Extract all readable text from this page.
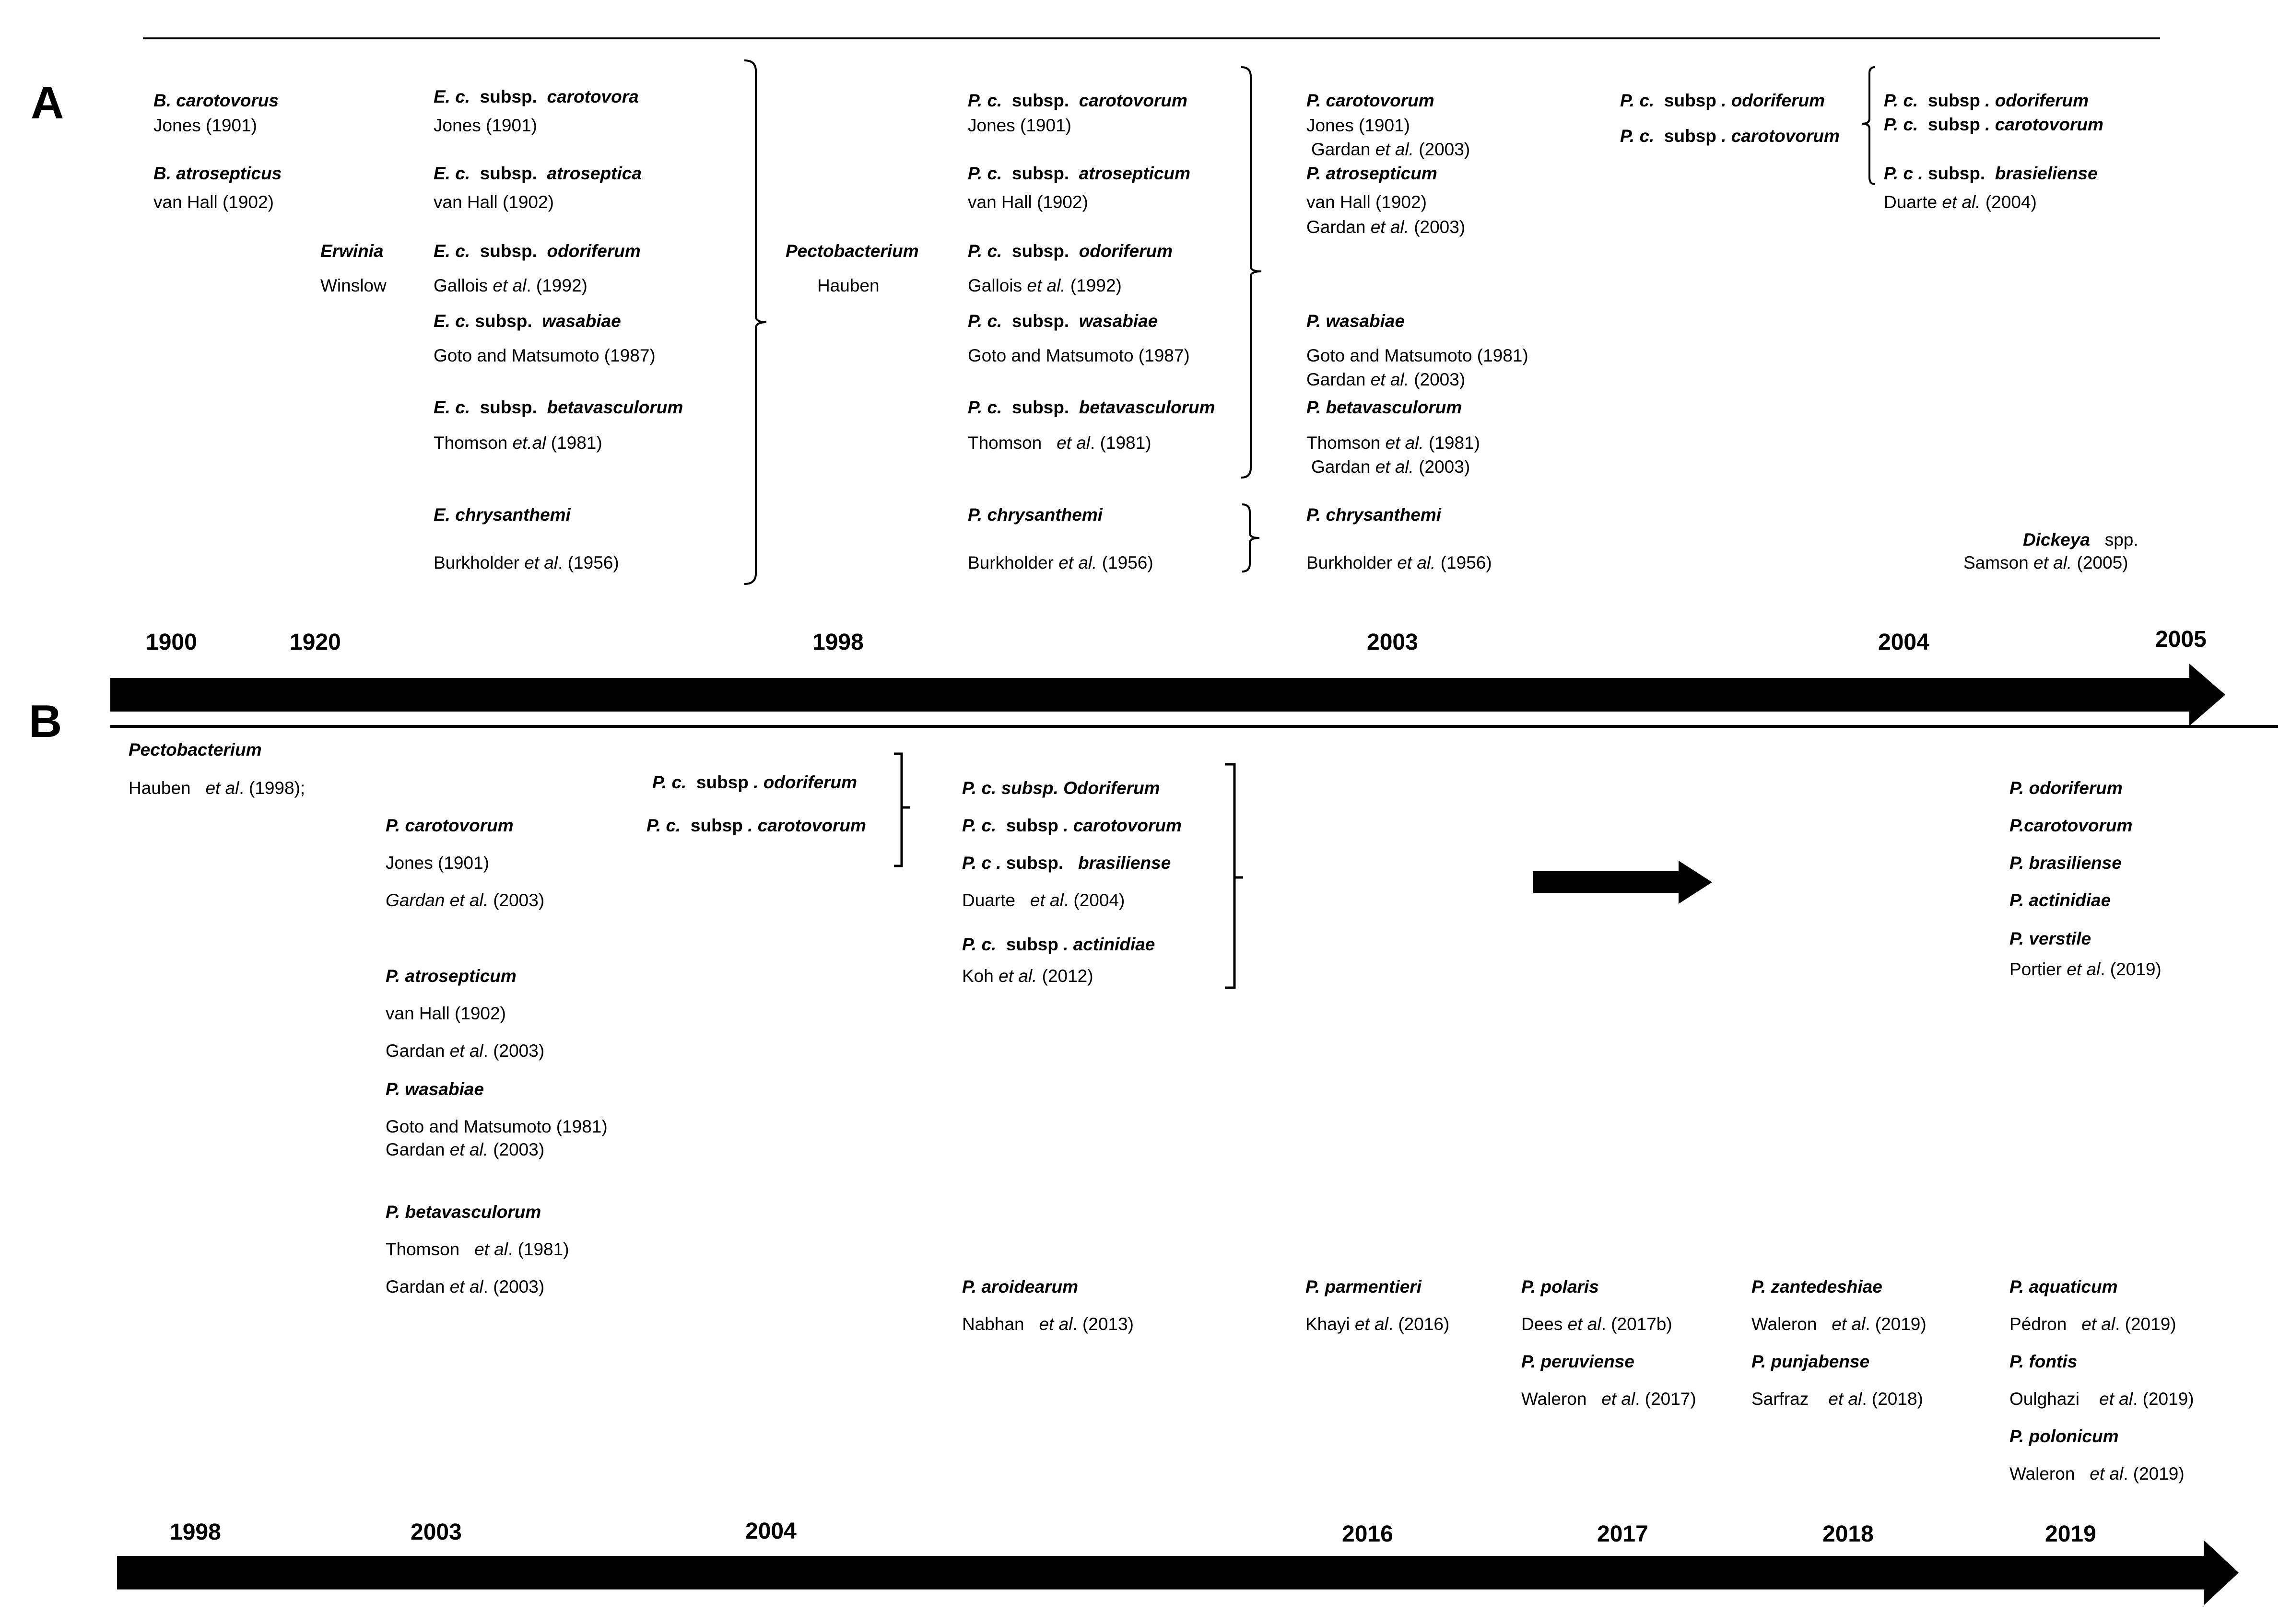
A
B
1900	1920	1998	2003	2004	2005
1998	2003	2004	2016	2017	2018	2019
B. carotovorus
Jones (1901)
B. atrosepticus
van Hall (1902)
Erwinia
Winslow
E. c. subsp. carotovora
Jones (1901)
E. c. subsp. atroseptica
van Hall (1902)
E. c. subsp. odoriferum
Gallois et al. (1992)
E. c. subsp. wasabiae
Goto and Matsumoto (1987)
E. c. subsp. betavasculorum
Thomson et.al (1981)
E. chrysanthemi
Burkholder et al. (1956)
Pectobacterium
Hauben
P. c. subsp. carotovorum
Jones (1901)
P. c. subsp. atrosepticum
van Hall (1902)
P. c. subsp. odoriferum
Gallois et al. (1992)
P. c. subsp. wasabiae
Goto and Matsumoto (1987)
P. c. subsp. betavasculorum
Thomson et al. (1981)
P. chrysanthemi
Burkholder et al. (1956)
P. carotovorum
Jones (1901)
Gardan et al. (2003)
P. atrosepticum
van Hall (1902)
Gardan et al. (2003)
P. wasabiae
Goto and Matsumoto (1981)
Gardan et al. (2003)
P. betavasculorum
Thomson et al. (1981)
Gardan et al. (2003)
P. chrysanthemi
Burkholder et al. (1956)
P. c. subsp . odoriferum
P. c. subsp . carotovorum
P. c. subsp . odoriferum
P. c. subsp . carotovorum
P. c . subsp. brasieliense
Duarte et al. (2004)
Dickeya spp.
Samson et al. (2005)
Pectobacterium
Hauben et al. (1998);
P. carotovorum
Jones (1901)
Gardan et al. (2003)
P. atrosepticum
van Hall (1902)
Gardan et al. (2003)
P. wasabiae
Goto and Matsumoto (1981)
Gardan et al. (2003)
P. betavasculorum
Thomson et al. (1981)
Gardan et al. (2003)
P. c. subsp . odoriferum
P. c. subsp . carotovorum
P. c. subsp. Odoriferum
P. c. subsp . carotovorum
P. c . subsp. brasiliense
Duarte et al. (2004)
P. c. subsp . actinidiae
Koh et al. (2012)
P. odoriferum
P.carotovorum
P. brasiliense
P. actinidiae
P. verstile
Portier et al. (2019)
P. aroidearum
Nabhan et al. (2013)
P. parmentieri
Khayi et al. (2016)
P. polaris
Dees et al. (2017b)
P. peruviense
Waleron et al. (2017)
P. zantedeshiae
Waleron et al. (2019)
P. punjabense
Sarfraz et al. (2018)
P. aquaticum
Pédron et al. (2019)
P. fontis
Oulghazi et al. (2019)
P. polonicum
Waleron et al. (2019)
